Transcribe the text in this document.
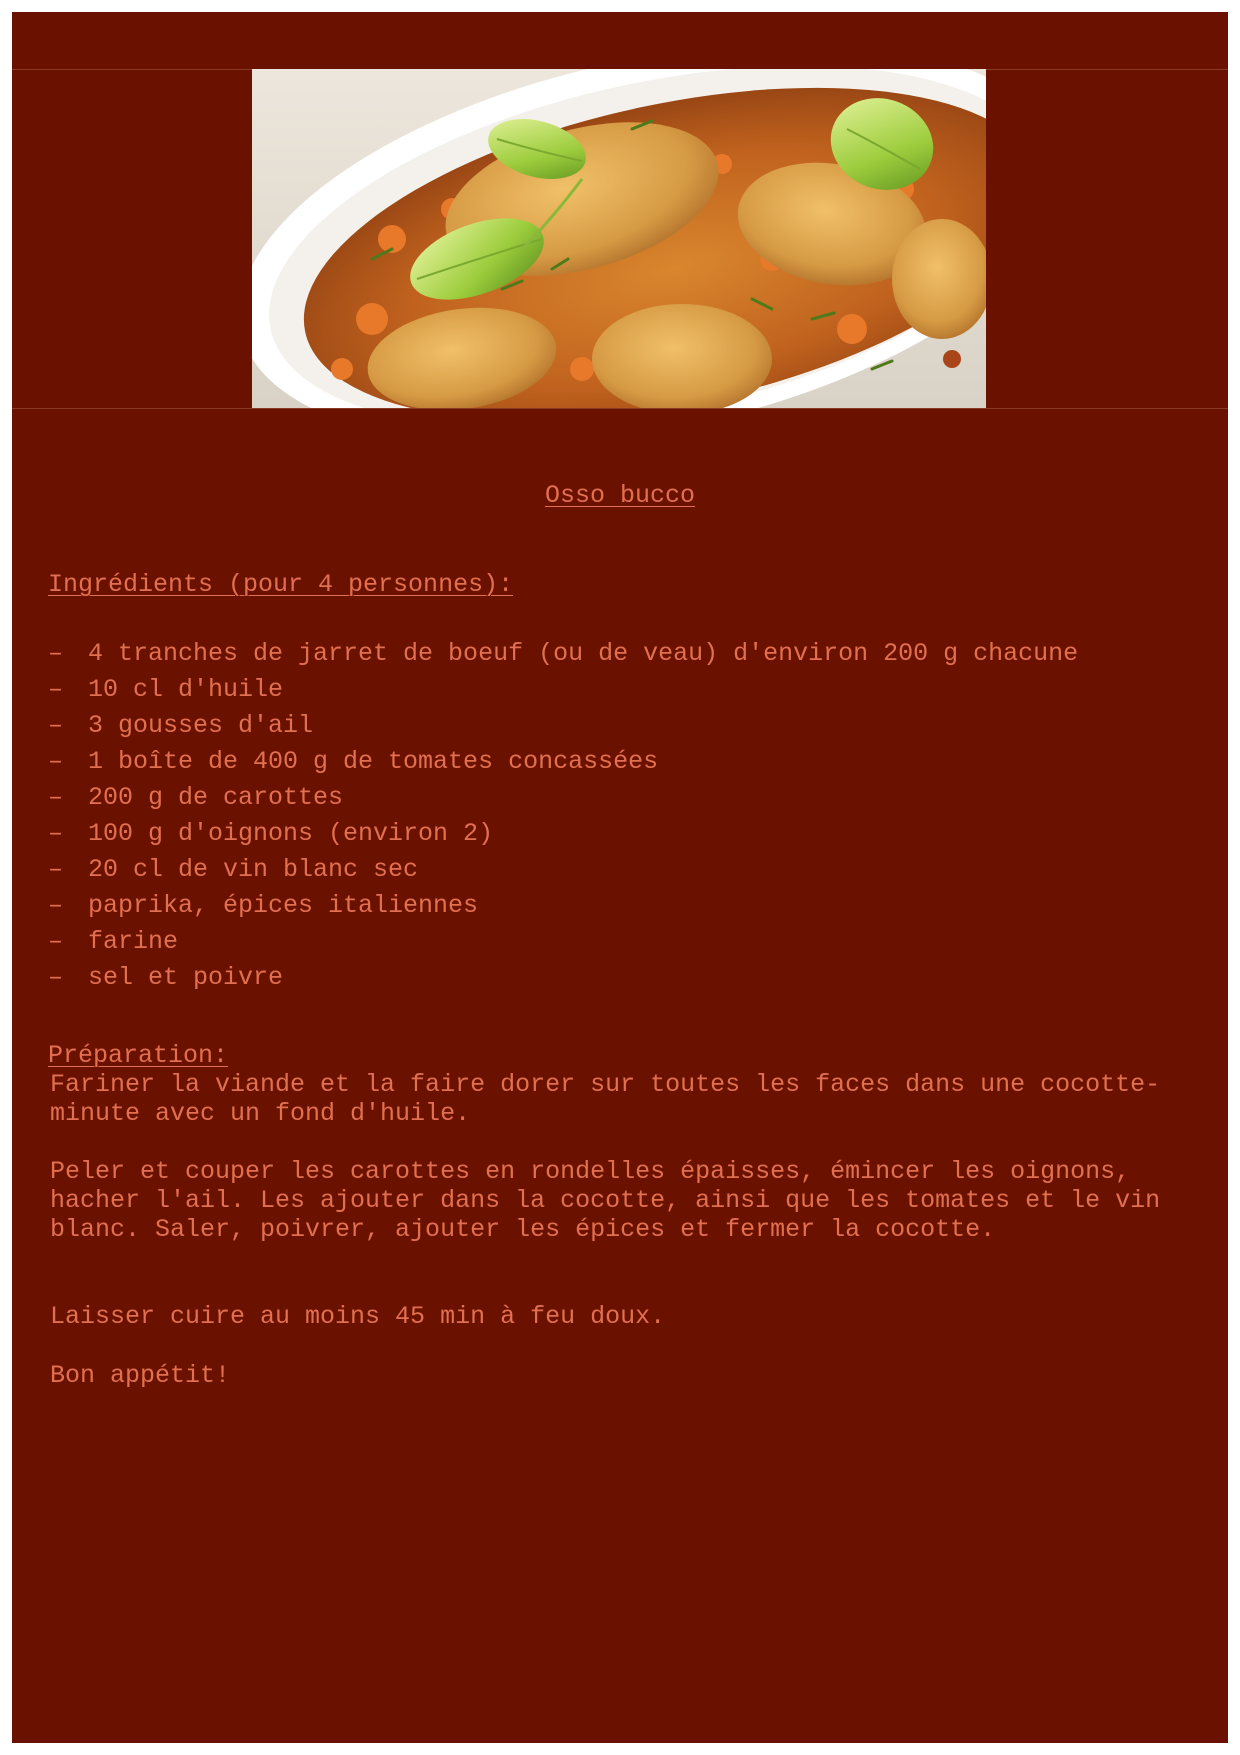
Osso bucco
Ingrédients (pour 4 personnes):
– 4 tranches de jarret de boeuf (ou de veau) d'environ 200 g chacune
– 10 cl d'huile
– 3 gousses d'ail
– 1 boîte de 400 g de tomates concassées
– 200 g de carottes
– 100 g d'oignons (environ 2)
– 20 cl de vin blanc sec
– paprika, épices italiennes
– farine
– sel et poivre
Préparation:

Fariner la viande et la faire dorer sur toutes les faces dans une cocotte-minute avec un fond d'huile.

Peler et couper les carottes en rondelles épaisses, émincer les oignons, hacher l'ail. Les ajouter dans la cocotte, ainsi que les tomates et le vin blanc. Saler, poivrer, ajouter les épices et fermer la cocotte.

Laisser cuire au moins 45 min à feu doux.

Bon appétit!
